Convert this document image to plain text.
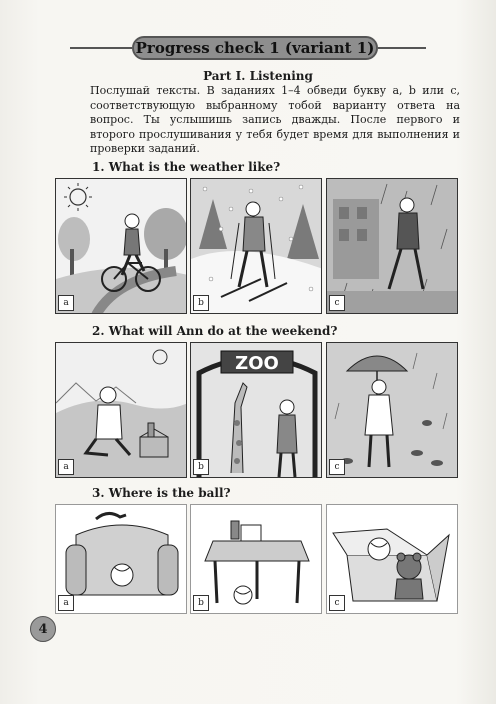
Progress check 1 (variant 1)
Part I. Listening
Послушай тексты. В заданиях 1–4 обведи букву a, b или c, соответствующую выбранному тобой варианту ответа на вопрос. Ты услышишь запись дважды. После первого и второго прослушивания у тебя будет время для выполнения и проверки заданий.
1. What is the weather like?
a	b	c
2. What will Ann do at the weekend?
a
ZOO
b	c
3. Where is the ball?
a	b	c
4
